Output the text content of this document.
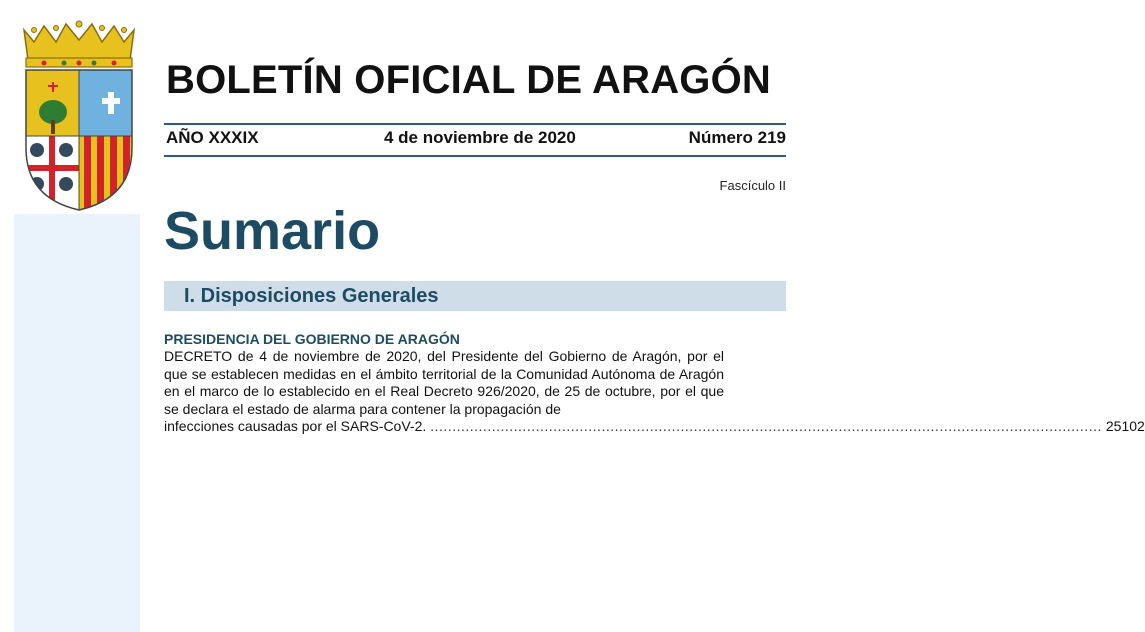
BOLETÍN OFICIAL DE ARAGÓN
AÑO XXXIX	4 de noviembre de 2020	Número 219
Fascículo II
Sumario
I. Disposiciones Generales

PRESIDENCIA DEL GOBIERNO DE ARAGÓN

DECRETO de 4 de noviembre de 2020, del Presidente del Gobierno de Aragón, por el que se establecen medidas en el ámbito territorial de la Comunidad Autónoma de Aragón en el marco de lo establecido en el Real Decreto 926/2020, de 25 de octubre, por el que se declara el estado de alarma para contener la propagación de

infecciones causadas por el SARS-CoV-2. ......................................................................................................................................................... 25102
